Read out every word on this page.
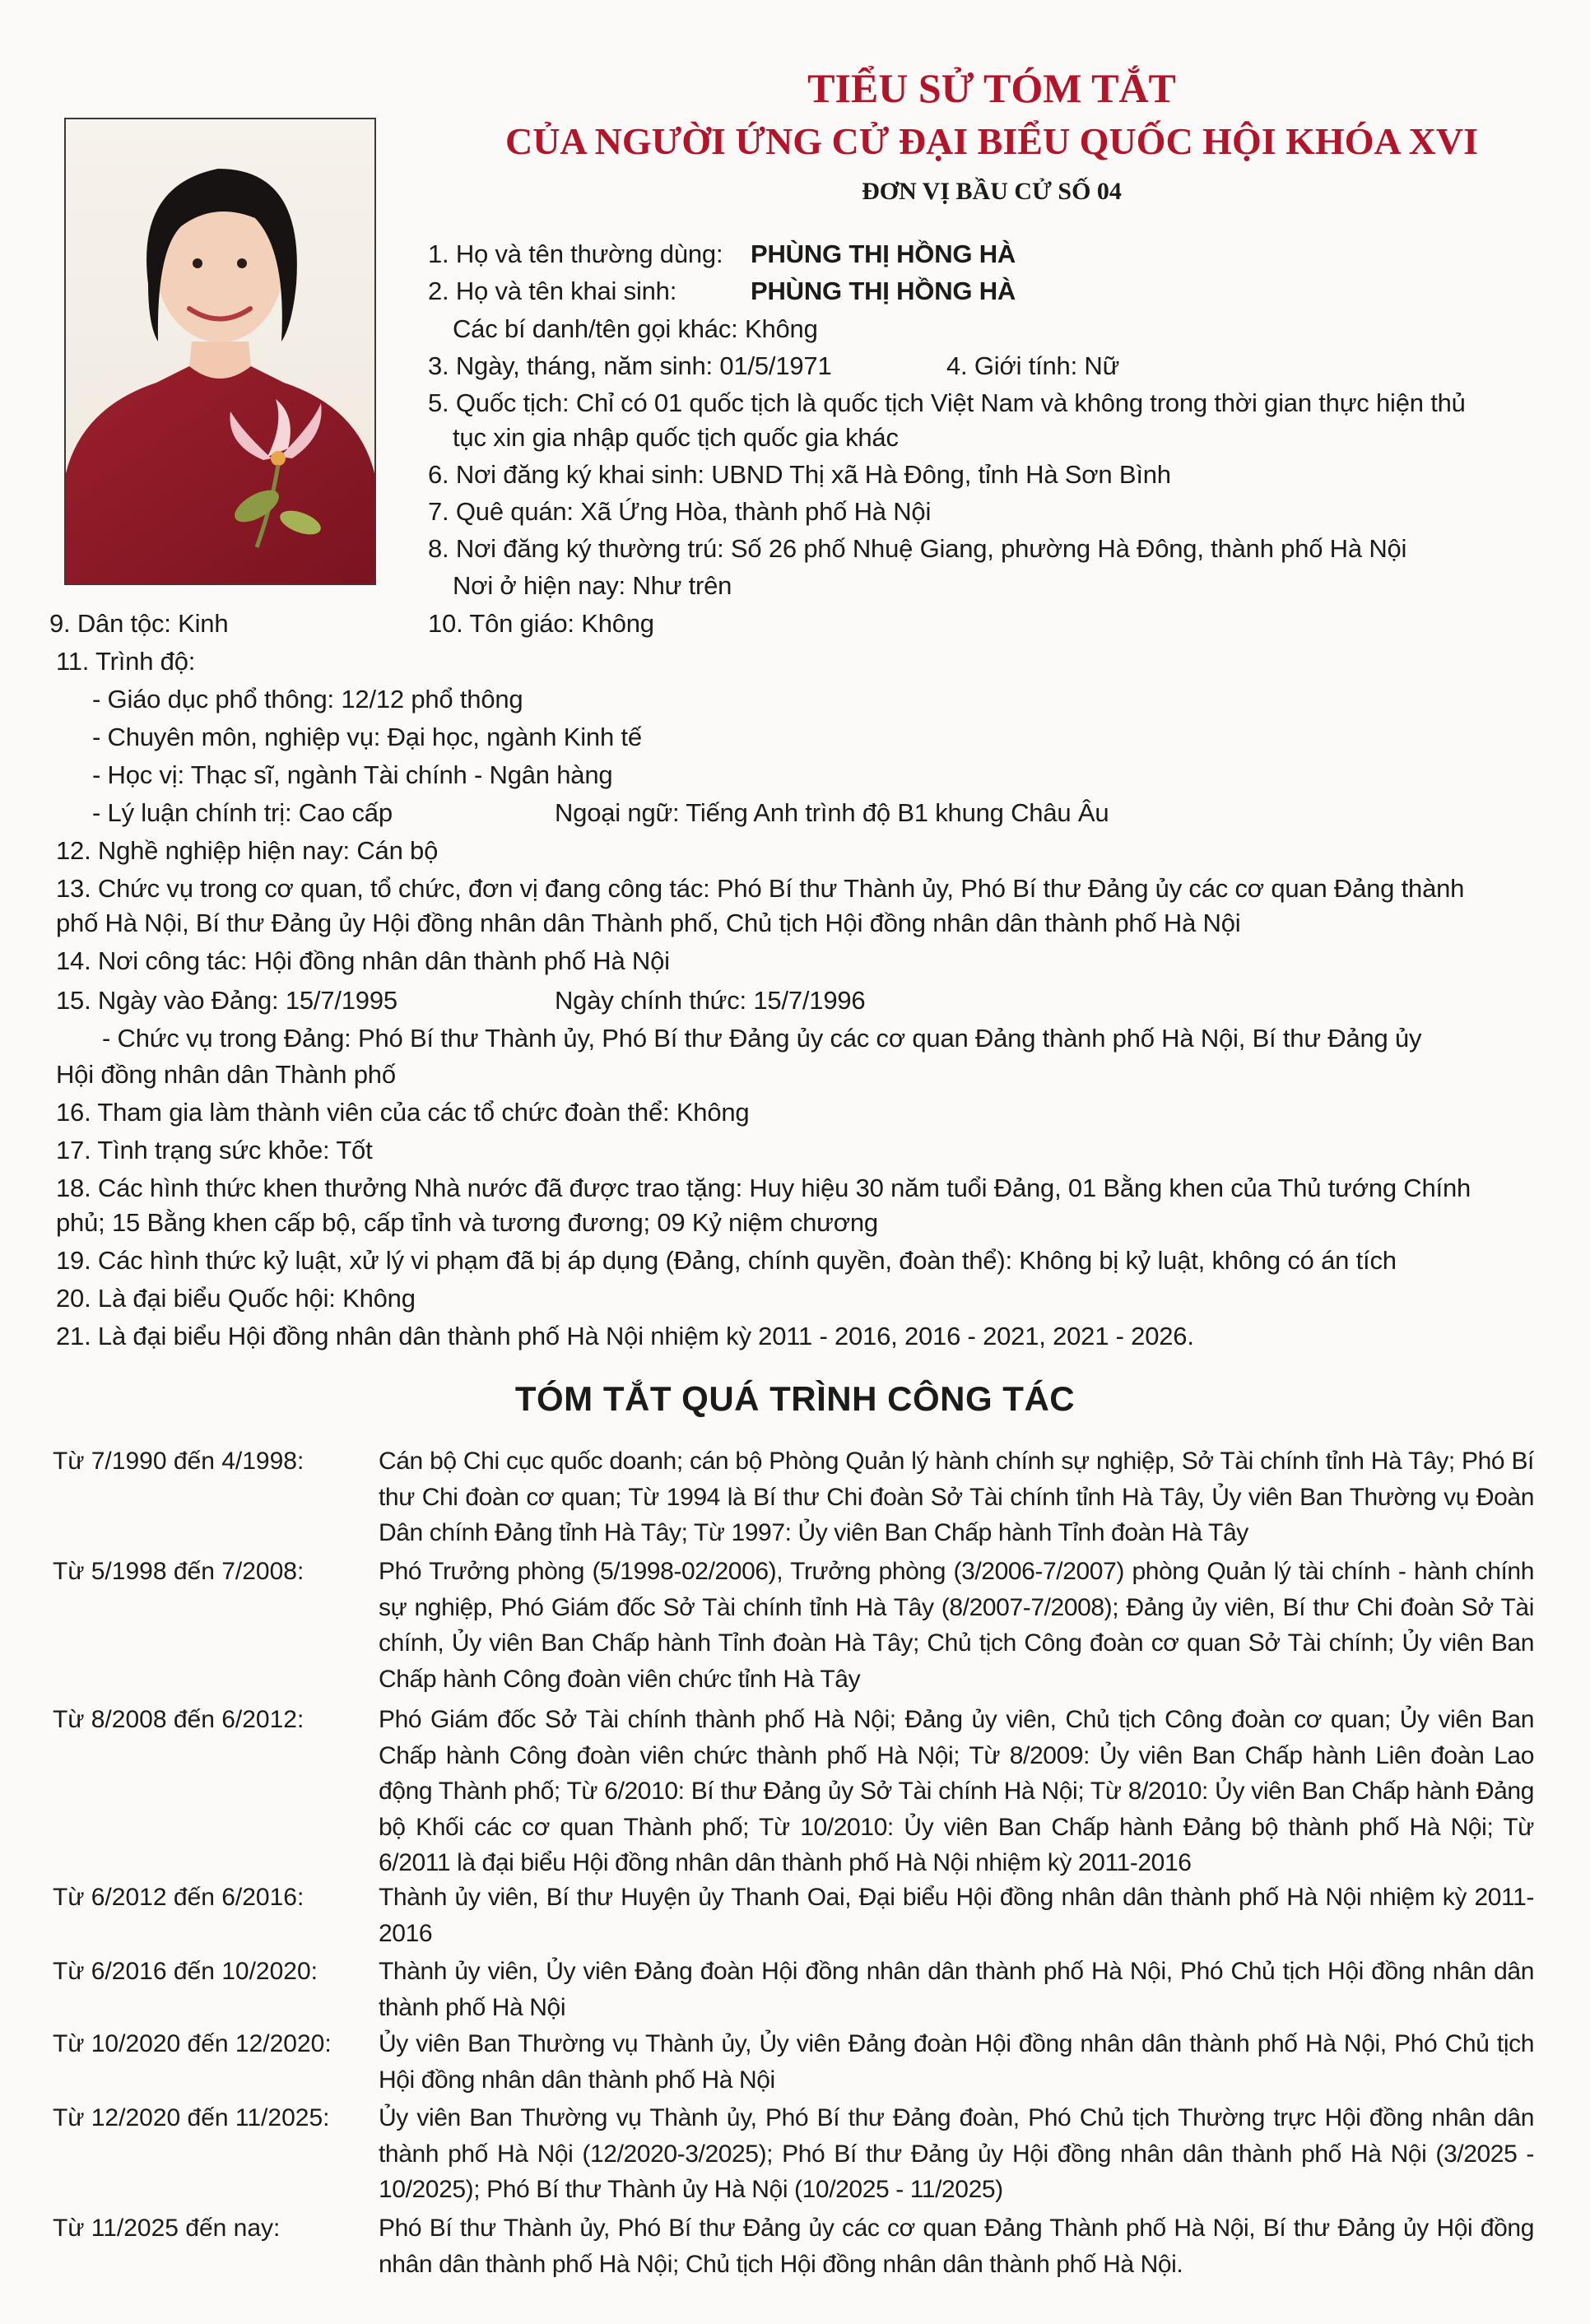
TIỂU SỬ TÓM TẮT
CỦA NGƯỜI ỨNG CỬ ĐẠI BIỂU QUỐC HỘI KHÓA XVI
ĐƠN VỊ BẦU CỬ SỐ 04
1. Họ và tên thường dùng: PHÙNG THỊ HỒNG HÀ
2. Họ và tên khai sinh:	PHÙNG THỊ HỒNG HÀ
Các bí danh/tên gọi khác: Không
3. Ngày, tháng, năm sinh: 01/5/1971	4. Giới tính: Nữ
5. Quốc tịch: Chỉ có 01 quốc tịch là quốc tịch Việt Nam và không trong thời gian thực hiện thủ
tục xin gia nhập quốc tịch quốc gia khác
6. Nơi đăng ký khai sinh: UBND Thị xã Hà Đông, tỉnh Hà Sơn Bình
7. Quê quán: Xã Ứng Hòa, thành phố Hà Nội
8. Nơi đăng ký thường trú: Số 26 phố Nhuệ Giang, phường Hà Đông, thành phố Hà Nội
Nơi ở hiện nay: Như trên
9. Dân tộc: Kinh	10. Tôn giáo: Không
11. Trình độ:
- Giáo dục phổ thông: 12/12 phổ thông
- Chuyên môn, nghiệp vụ: Đại học, ngành Kinh tế
- Học vị: Thạc sĩ, ngành Tài chính - Ngân hàng
- Lý luận chính trị: Cao cấp	Ngoại ngữ: Tiếng Anh trình độ B1 khung Châu Âu
12. Nghề nghiệp hiện nay: Cán bộ
13. Chức vụ trong cơ quan, tổ chức, đơn vị đang công tác: Phó Bí thư Thành ủy, Phó Bí thư Đảng ủy các cơ quan Đảng thành
phố Hà Nội, Bí thư Đảng ủy Hội đồng nhân dân Thành phố, Chủ tịch Hội đồng nhân dân thành phố Hà Nội
14. Nơi công tác: Hội đồng nhân dân thành phố Hà Nội
15. Ngày vào Đảng: 15/7/1995	Ngày chính thức: 15/7/1996
- Chức vụ trong Đảng: Phó Bí thư Thành ủy, Phó Bí thư Đảng ủy các cơ quan Đảng thành phố Hà Nội, Bí thư Đảng ủy
Hội đồng nhân dân Thành phố
16. Tham gia làm thành viên của các tổ chức đoàn thể: Không
17. Tình trạng sức khỏe: Tốt
18. Các hình thức khen thưởng Nhà nước đã được trao tặng: Huy hiệu 30 năm tuổi Đảng, 01 Bằng khen của Thủ tướng Chính
phủ; 15 Bằng khen cấp bộ, cấp tỉnh và tương đương; 09 Kỷ niệm chương
19. Các hình thức kỷ luật, xử lý vi phạm đã bị áp dụng (Đảng, chính quyền, đoàn thể): Không bị kỷ luật, không có án tích
20. Là đại biểu Quốc hội: Không
21. Là đại biểu Hội đồng nhân dân thành phố Hà Nội nhiệm kỳ 2011 - 2016, 2016 - 2021, 2021 - 2026.
TÓM TẮT QUÁ TRÌNH CÔNG TÁC
Từ 7/1990 đến 4/1998:	Cán bộ Chi cục quốc doanh; cán bộ Phòng Quản lý hành chính sự nghiệp, Sở Tài chính tỉnh Hà Tây; Phó Bí thư Chi đoàn cơ quan; Từ 1994 là Bí thư Chi đoàn Sở Tài chính tỉnh Hà Tây, Ủy viên Ban Thường vụ Đoàn Dân chính Đảng tỉnh Hà Tây; Từ 1997: Ủy viên Ban Chấp hành Tỉnh đoàn Hà Tây
Từ 5/1998 đến 7/2008:	Phó Trưởng phòng (5/1998-02/2006), Trưởng phòng (3/2006-7/2007) phòng Quản lý tài chính - hành chính sự nghiệp, Phó Giám đốc Sở Tài chính tỉnh Hà Tây (8/2007-7/2008); Đảng ủy viên, Bí thư Chi đoàn Sở Tài chính, Ủy viên Ban Chấp hành Tỉnh đoàn Hà Tây; Chủ tịch Công đoàn cơ quan Sở Tài chính; Ủy viên Ban Chấp hành Công đoàn viên chức tỉnh Hà Tây
Từ 8/2008 đến 6/2012:	Phó Giám đốc Sở Tài chính thành phố Hà Nội; Đảng ủy viên, Chủ tịch Công đoàn cơ quan; Ủy viên Ban Chấp hành Công đoàn viên chức thành phố Hà Nội; Từ 8/2009: Ủy viên Ban Chấp hành Liên đoàn Lao động Thành phố; Từ 6/2010: Bí thư Đảng ủy Sở Tài chính Hà Nội; Từ 8/2010: Ủy viên Ban Chấp hành Đảng bộ Khối các cơ quan Thành phố; Từ 10/2010: Ủy viên Ban Chấp hành Đảng bộ thành phố Hà Nội; Từ 6/2011 là đại biểu Hội đồng nhân dân thành phố Hà Nội nhiệm kỳ 2011-2016
Từ 6/2012 đến 6/2016:	Thành ủy viên, Bí thư Huyện ủy Thanh Oai, Đại biểu Hội đồng nhân dân thành phố Hà Nội nhiệm kỳ 2011-2016
Từ 6/2016 đến 10/2020:	Thành ủy viên, Ủy viên Đảng đoàn Hội đồng nhân dân thành phố Hà Nội, Phó Chủ tịch Hội đồng nhân dân thành phố Hà Nội
Từ 10/2020 đến 12/2020:	Ủy viên Ban Thường vụ Thành ủy, Ủy viên Đảng đoàn Hội đồng nhân dân thành phố Hà Nội, Phó Chủ tịch Hội đồng nhân dân thành phố Hà Nội
Từ 12/2020 đến 11/2025:	Ủy viên Ban Thường vụ Thành ủy, Phó Bí thư Đảng đoàn, Phó Chủ tịch Thường trực Hội đồng nhân dân thành phố Hà Nội (12/2020-3/2025); Phó Bí thư Đảng ủy Hội đồng nhân dân thành phố Hà Nội (3/2025 - 10/2025); Phó Bí thư Thành ủy Hà Nội (10/2025 - 11/2025)
Từ 11/2025 đến nay:	Phó Bí thư Thành ủy, Phó Bí thư Đảng ủy các cơ quan Đảng Thành phố Hà Nội, Bí thư Đảng ủy Hội đồng nhân dân thành phố Hà Nội; Chủ tịch Hội đồng nhân dân thành phố Hà Nội.
